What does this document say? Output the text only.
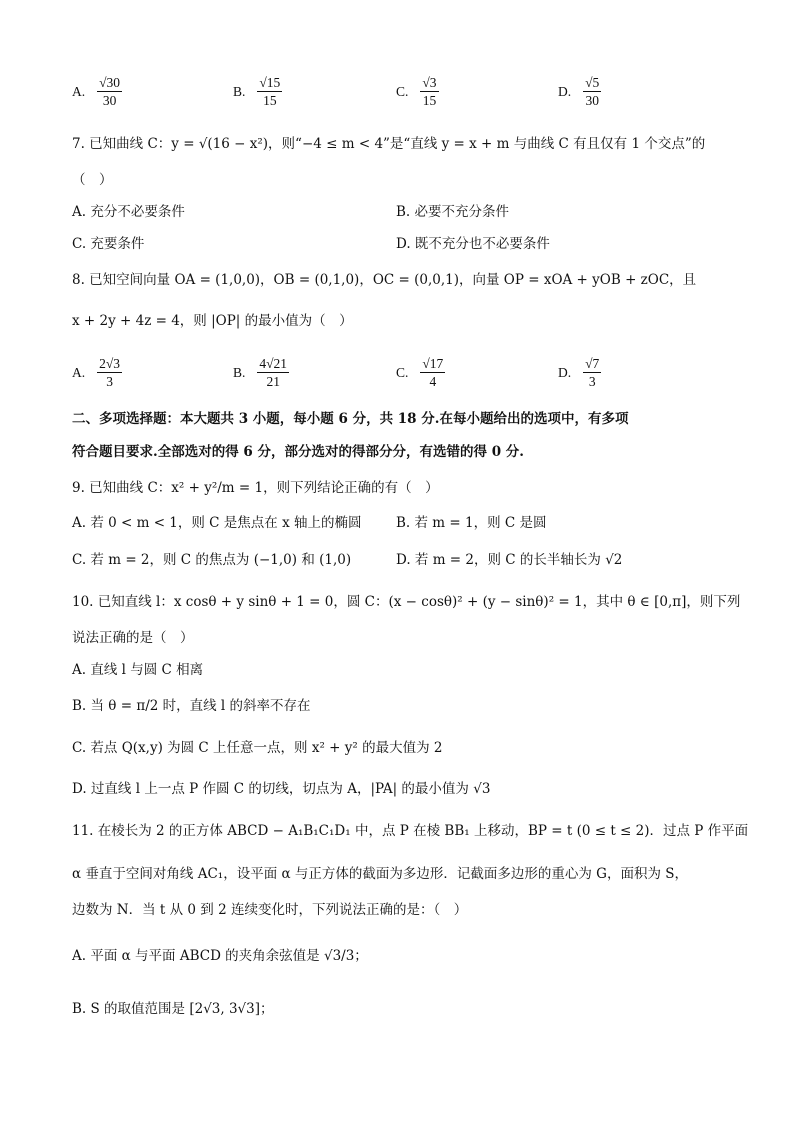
A. $\frac{√30}{30}$	B. $\frac{√15}{15}$	C. $\frac{√3}{15}$	D. $\frac{√5}{30}$
7. 已知曲线 C：y = √(16 − x²)，则“−4 ≤ m < 4”是“直线 y = x + m 与曲线 C 有且仅有 1 个交点”的
（　）
A. 充分不必要条件	B. 必要不充分条件
C. 充要条件	D. 既不充分也不必要条件
8. 已知空间向量 OA = (1,0,0)，OB = (0,1,0)，OC = (0,0,1)，向量 OP = xOA + yOB + zOC，且
x + 2y + 4z = 4，则 |OP| 的最小值为（　）
A. $\frac{2√3}{3}$	B. $\frac{4√21}{21}$	C. $\frac{√17}{4}$	D. $\frac{√7}{3}$
二、多项选择题：本大题共 3 小题，每小题 6 分，共 18 分.在每小题给出的选项中，有多项
符合题目要求.全部选对的得 6 分，部分选对的得部分分，有选错的得 0 分.
9. 已知曲线 C：x² + y²/m = 1，则下列结论正确的有（　）
A. 若 0 < m < 1，则 C 是焦点在 x 轴上的椭圆	B. 若 m = 1，则 C 是圆
C. 若 m = 2，则 C 的焦点为 (−1,0) 和 (1,0)	D. 若 m = 2，则 C 的长半轴长为 √2
10. 已知直线 l：x cosθ + y sinθ + 1 = 0，圆 C：(x − cosθ)² + (y − sinθ)² = 1，其中 θ ∈ [0,π]，则下列
说法正确的是（　）
A. 直线 l 与圆 C 相离
B. 当 θ = π/2 时，直线 l 的斜率不存在
C. 若点 Q(x,y) 为圆 C 上任意一点，则 x² + y² 的最大值为 2
D. 过直线 l 上一点 P 作圆 C 的切线，切点为 A，|PA| 的最小值为 √3
11. 在棱长为 2 的正方体 ABCD − A₁B₁C₁D₁ 中，点 P 在棱 BB₁ 上移动，BP = t (0 ≤ t ≤ 2)．过点 P 作平面
α 垂直于空间对角线 AC₁，设平面 α 与正方体的截面为多边形．记截面多边形的重心为 G，面积为 S，
边数为 N．当 t 从 0 到 2 连续变化时，下列说法正确的是：（　）
A. 平面 α 与平面 ABCD 的夹角余弦值是 √3/3；
B. S 的取值范围是 [2√3, 3√3]；
